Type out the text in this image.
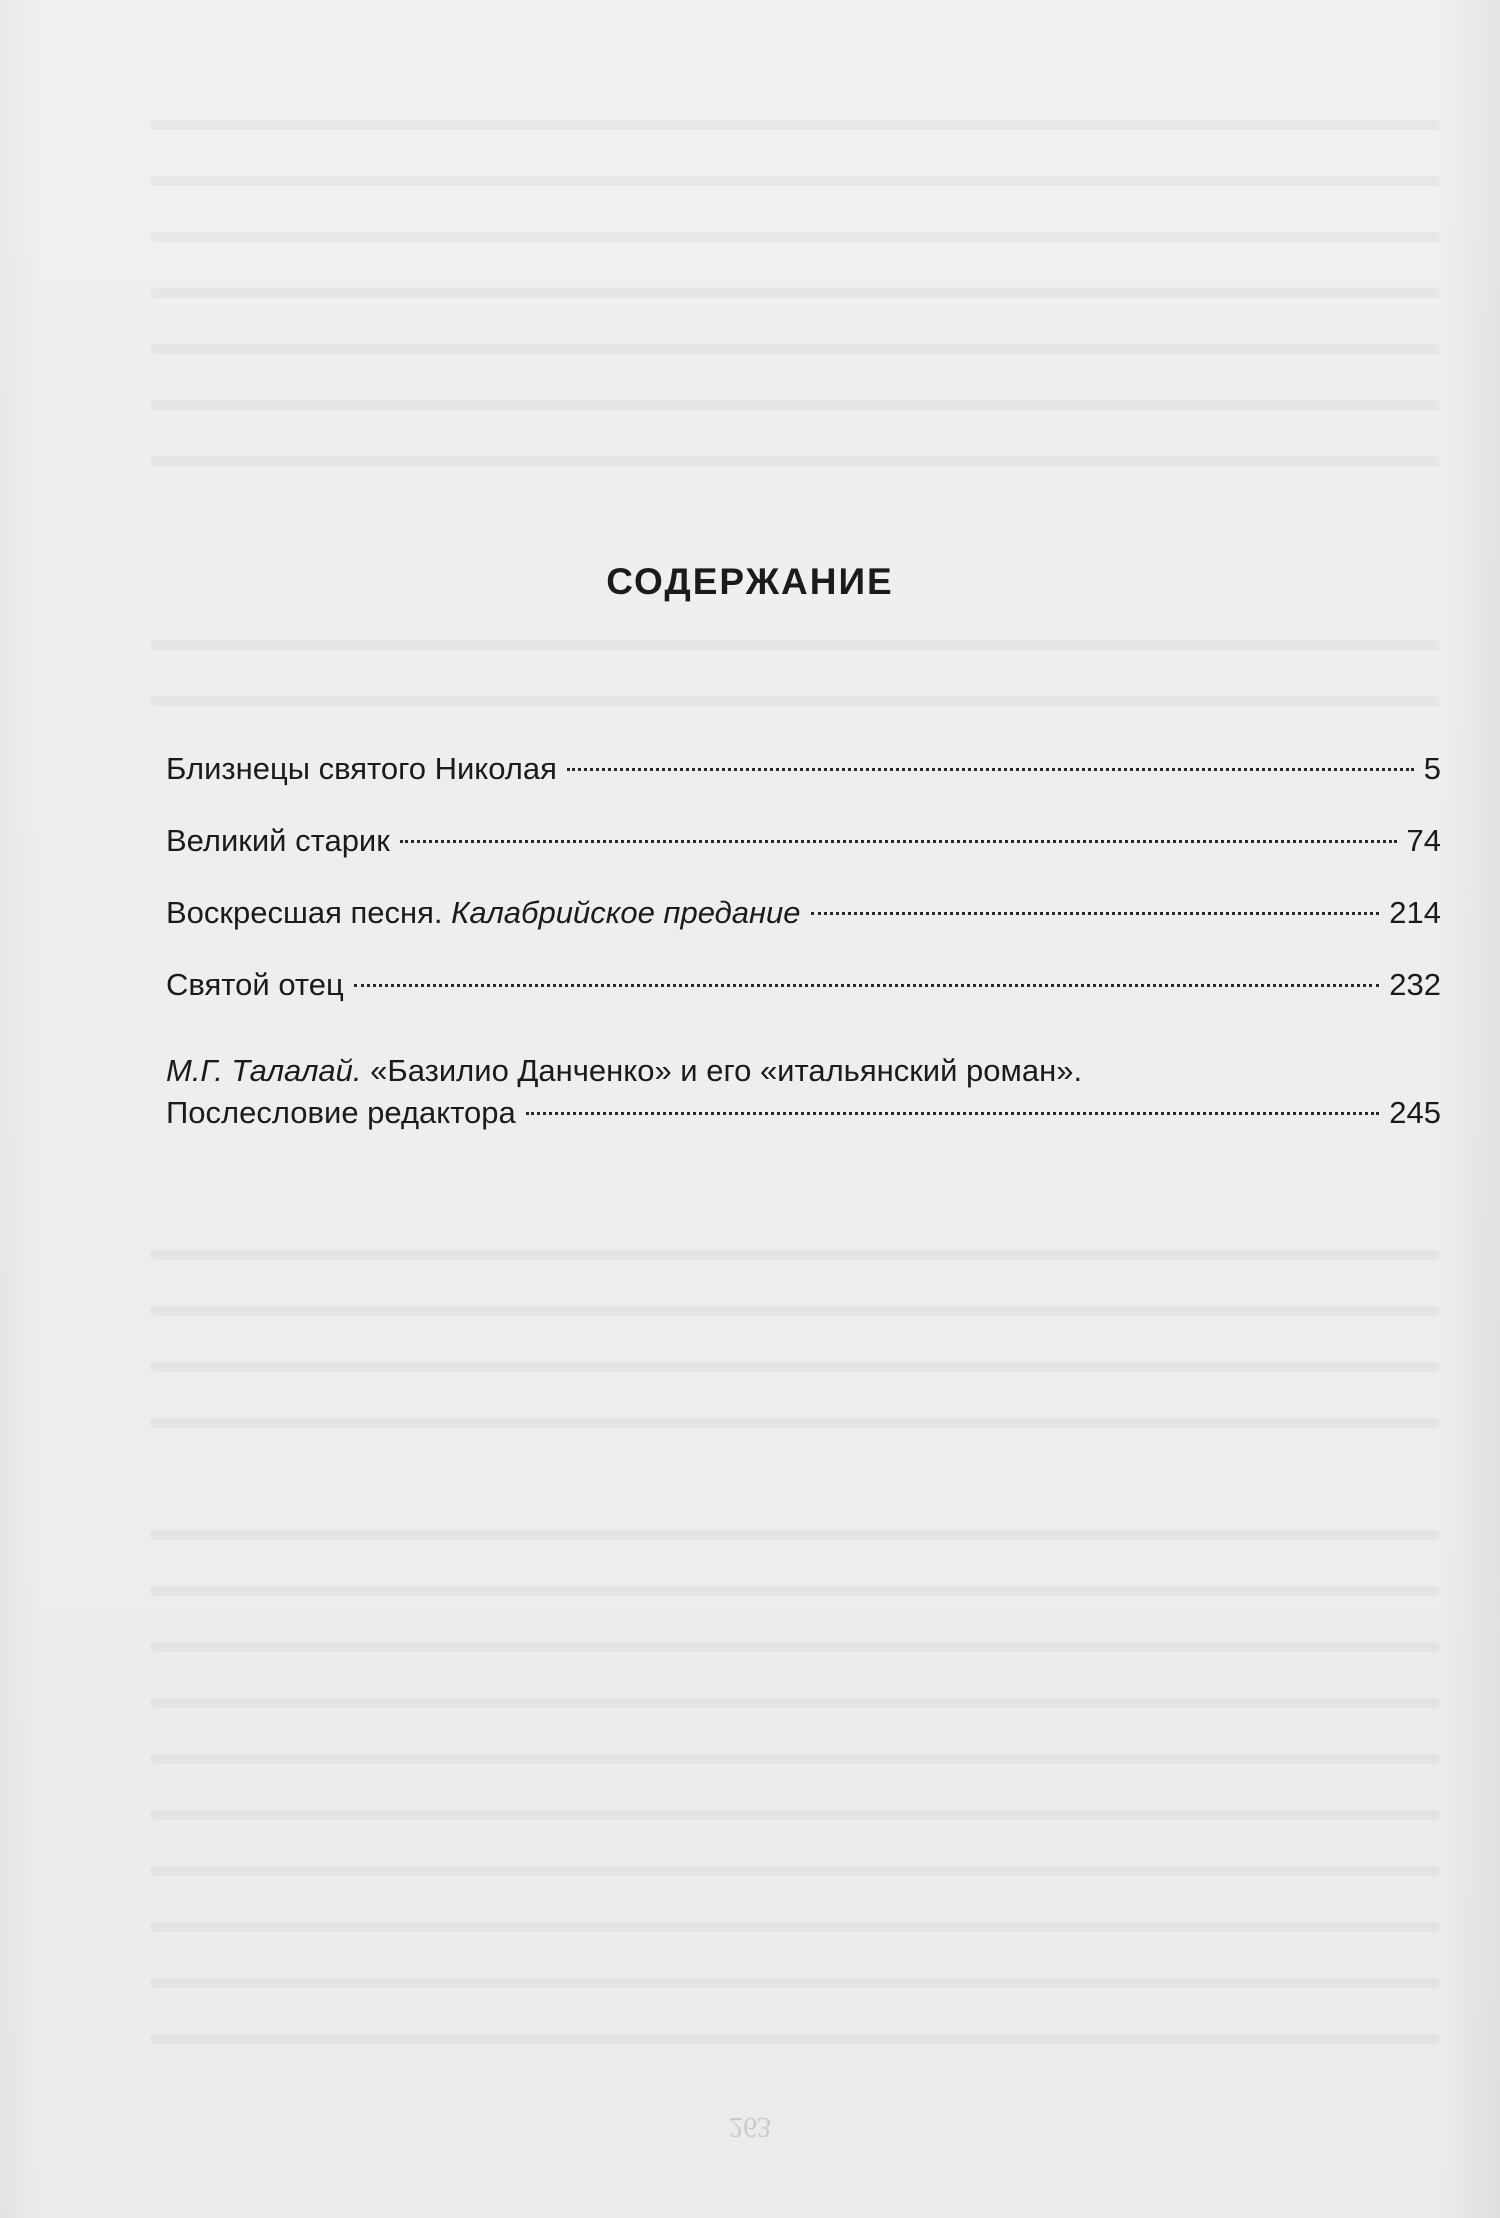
СОДЕРЖАНИЕ
Близнецы святого Николая	5
Великий старик	74
Воскресшая песня. Калабрийское предание	214
Святой отец	232
М.Г. Талалай. «Базилио Данченко» и его «итальянский роман».
Послесловие редактора	245
263
